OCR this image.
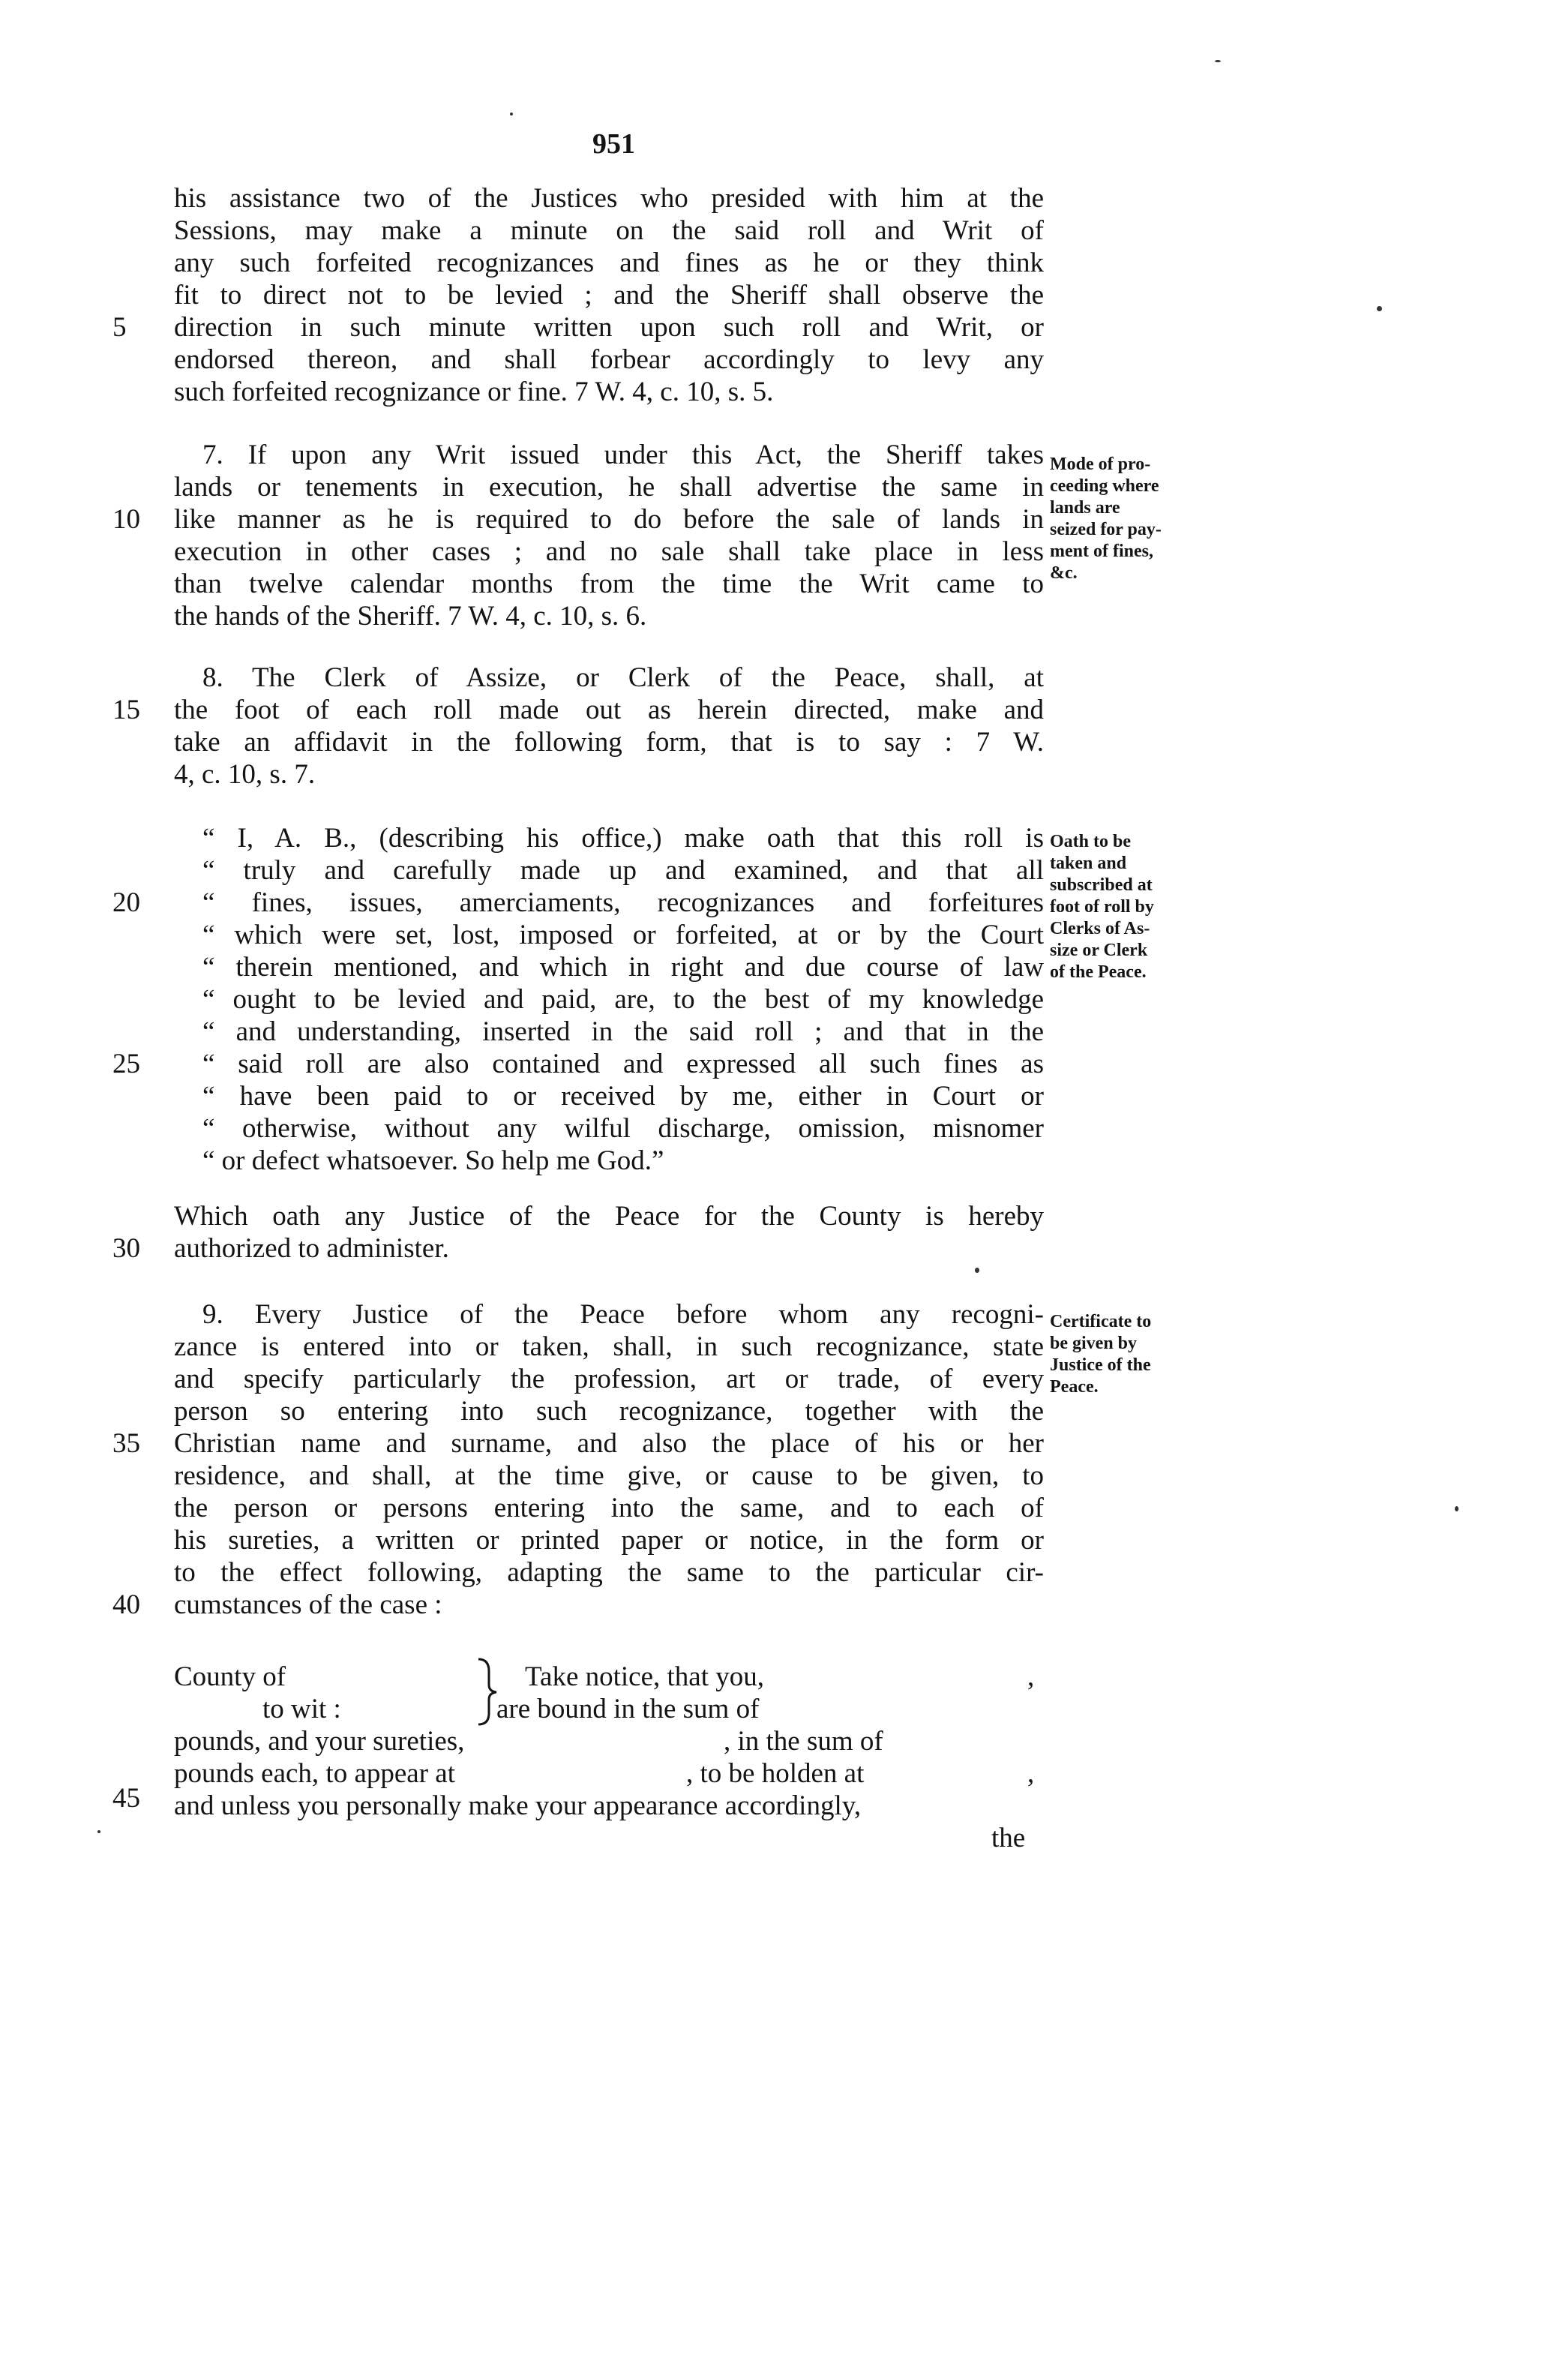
951
5
10
15
20
25
30
35
40
45
his assistance two of the Justices who presided with him at the
Sessions, may make a minute on the said roll and Writ of
any such forfeited recognizances and fines as he or they think
fit to direct not to be levied ; and the Sheriff shall observe the
direction in such minute written upon such roll and Writ, or
endorsed thereon, and shall forbear accordingly to levy any
such forfeited recognizance or fine. 7 W. 4, c. 10, s. 5.
7. If upon any Writ issued under this Act, the Sheriff takes
lands or tenements in execution, he shall advertise the same in
like manner as he is required to do before the sale of lands in
execution in other cases ; and no sale shall take place in less
than twelve calendar months from the time the Writ came to
the hands of the Sheriff. 7 W. 4, c. 10, s. 6.
Mode of pro-
ceeding where
lands are
seized for pay-
ment of fines,
&c.
8. The Clerk of Assize, or Clerk of the Peace, shall, at
the foot of each roll made out as herein directed, make and
take an affidavit in the following form, that is to say : 7 W.
4, c. 10, s. 7.
“ I, A. B., (describing his office,) make oath that this roll is
“ truly and carefully made up and examined, and that all
“ fines, issues, amerciaments, recognizances and forfeitures
“ which were set, lost, imposed or forfeited, at or by the Court
“ therein mentioned, and which in right and due course of law
“ ought to be levied and paid, are, to the best of my knowledge
“ and understanding, inserted in the said roll ; and that in the
“ said roll are also contained and expressed all such fines as
“ have been paid to or received by me, either in Court or
“ otherwise, without any wilful discharge, omission, misnomer
“ or defect whatsoever. So help me God.”
Oath to be
taken and
subscribed at
foot of roll by
Clerks of As-
size or Clerk
of the Peace.
Which oath any Justice of the Peace for the County is hereby
authorized to administer.
9. Every Justice of the Peace before whom any recogni-
zance is entered into or taken, shall, in such recognizance, state
and specify particularly the profession, art or trade, of every
person so entering into such recognizance, together with the
Christian name and surname, and also the place of his or her
residence, and shall, at the time give, or cause to be given, to
the person or persons entering into the same, and to each of
his sureties, a written or printed paper or notice, in the form or
to the effect following, adapting the same to the particular cir-
cumstances of the case :
Certificate to
be given by
Justice of the
Peace.
County of
to wit :
Take notice, that you,	,
are bound in the sum of
pounds, and your sureties,	, in the sum of
pounds each, to appear at	, to be holden at	,
and unless you personally make your appearance accordingly,
the
